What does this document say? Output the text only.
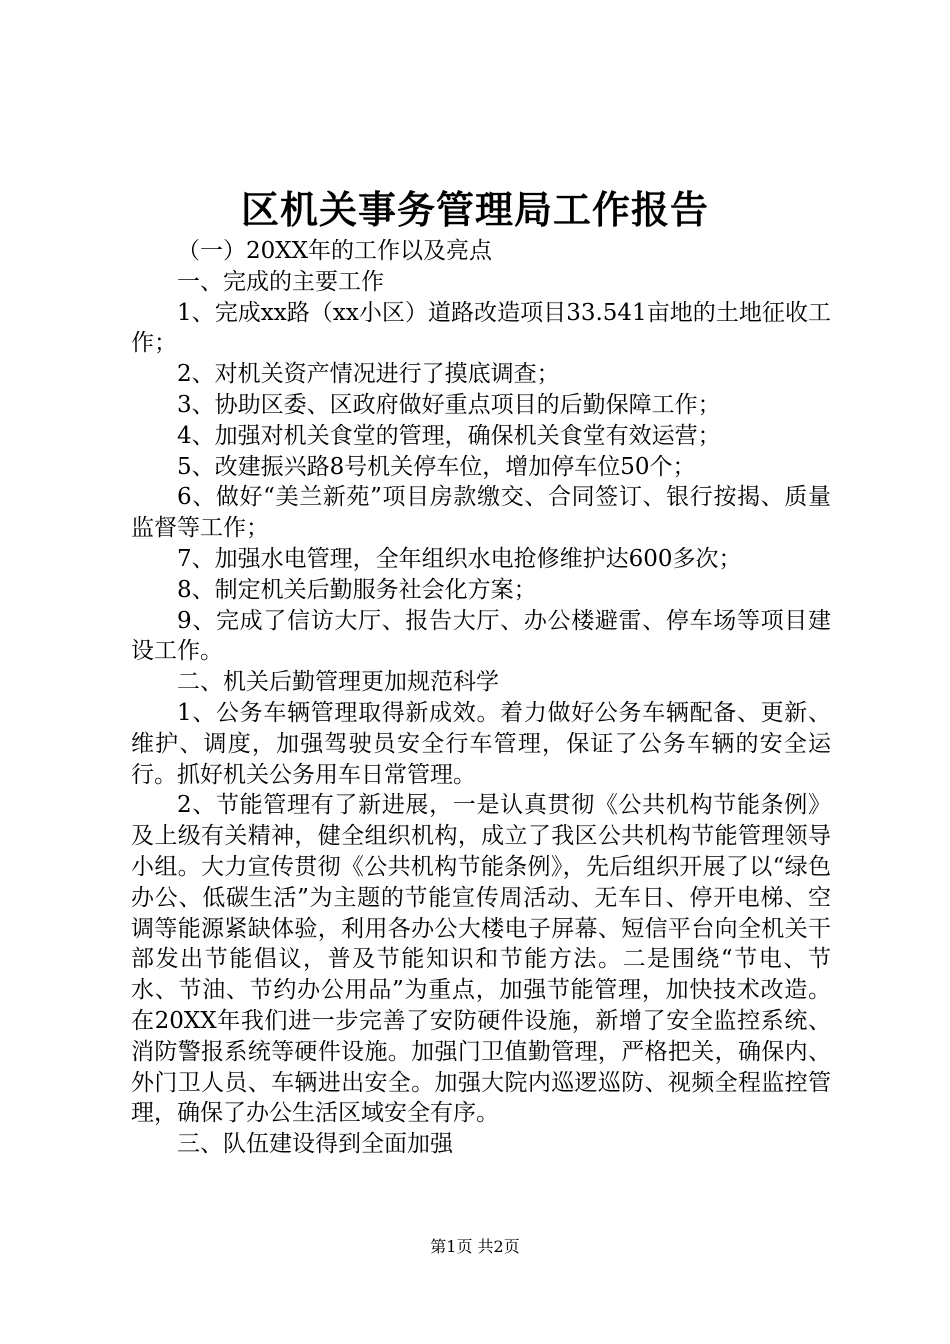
区机关事务管理局工作报告

（一）20XX年的工作以及亮点

一、完成的主要工作

1、完成xx路（xx小区）道路改造项目33.541亩地的土地征收工作；

2、对机关资产情况进行了摸底调查；

3、协助区委、区政府做好重点项目的后勤保障工作；

4、加强对机关食堂的管理，确保机关食堂有效运营；

5、改建振兴路8号机关停车位，增加停车位50个；

6、做好“美兰新苑”项目房款缴交、合同签订、银行按揭、质量监督等工作；

7、加强水电管理，全年组织水电抢修维护达600多次；

8、制定机关后勤服务社会化方案；

9、完成了信访大厅、报告大厅、办公楼避雷、停车场等项目建设工作。

二、机关后勤管理更加规范科学

1、公务车辆管理取得新成效。着力做好公务车辆配备、更新、维护、调度，加强驾驶员安全行车管理，保证了公务车辆的安全运行。抓好机关公务用车日常管理。

2、节能管理有了新进展，一是认真贯彻《公共机构节能条例》及上级有关精神，健全组织机构，成立了我区公共机构节能管理领导小组。大力宣传贯彻《公共机构节能条例》，先后组织开展了以“绿色办公、低碳生活”为主题的节能宣传周活动、无车日、停开电梯、空调等能源紧缺体验，利用各办公大楼电子屏幕、短信平台向全机关干部发出节能倡议，普及节能知识和节能方法。二是围绕“节电、节水、节油、节约办公用品”为重点，加强节能管理，加快技术改造。在20XX年我们进一步完善了安防硬件设施，新增了安全监控系统、消防警报系统等硬件设施。加强门卫值勤管理，严格把关，确保内、外门卫人员、车辆进出安全。加强大院内巡逻巡防、视频全程监控管理，确保了办公生活区域安全有序。

三、队伍建设得到全面加强

第1页 共2页
